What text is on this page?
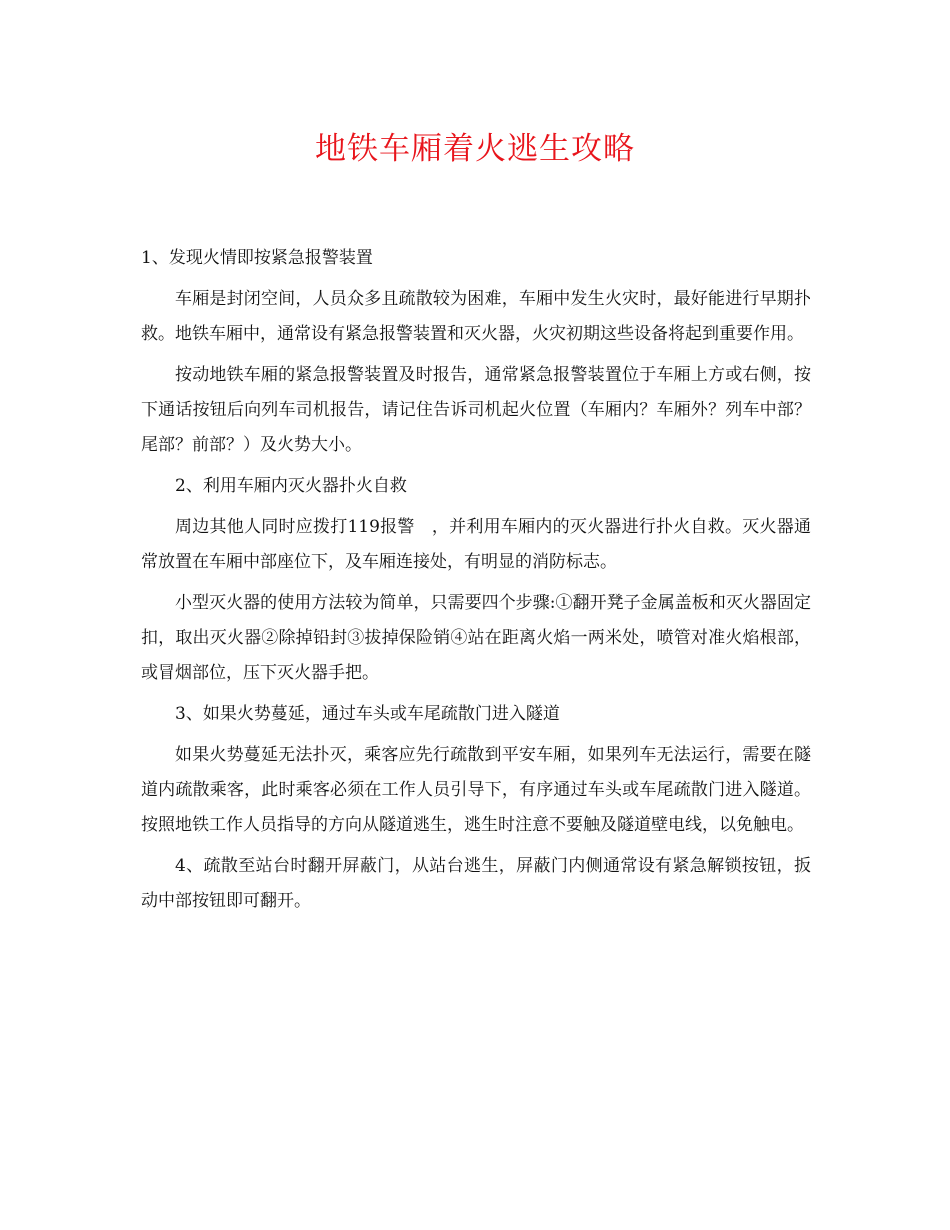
地铁车厢着火逃生攻略

1、发现火情即按紧急报警装置

车厢是封闭空间，人员众多且疏散较为困难，车厢中发生火灾时，最好能进行早期扑救。地铁车厢中，通常设有紧急报警装置和灭火器，火灾初期这些设备将起到重要作用。

按动地铁车厢的紧急报警装置及时报告，通常紧急报警装置位于车厢上方或右侧，按下通话按钮后向列车司机报告，请记住告诉司机起火位置（车厢内？车厢外？列车中部？尾部？前部？）及火势大小。

2、利用车厢内灭火器扑火自救

周边其他人同时应拨打119报警　，并利用车厢内的灭火器进行扑火自救。灭火器通常放置在车厢中部座位下，及车厢连接处，有明显的消防标志。

小型灭火器的使用方法较为简单，只需要四个步骤:①翻开凳子金属盖板和灭火器固定扣，取出灭火器②除掉铅封③拔掉保险销④站在距离火焰一两米处，喷管对准火焰根部，或冒烟部位，压下灭火器手把。

3、如果火势蔓延，通过车头或车尾疏散门进入隧道

如果火势蔓延无法扑灭，乘客应先行疏散到平安车厢，如果列车无法运行，需要在隧道内疏散乘客，此时乘客必须在工作人员引导下，有序通过车头或车尾疏散门进入隧道。按照地铁工作人员指导的方向从隧道逃生，逃生时注意不要触及隧道壁电线，以免触电。

4、疏散至站台时翻开屏蔽门，从站台逃生，屏蔽门内侧通常设有紧急解锁按钮，扳动中部按钮即可翻开。
